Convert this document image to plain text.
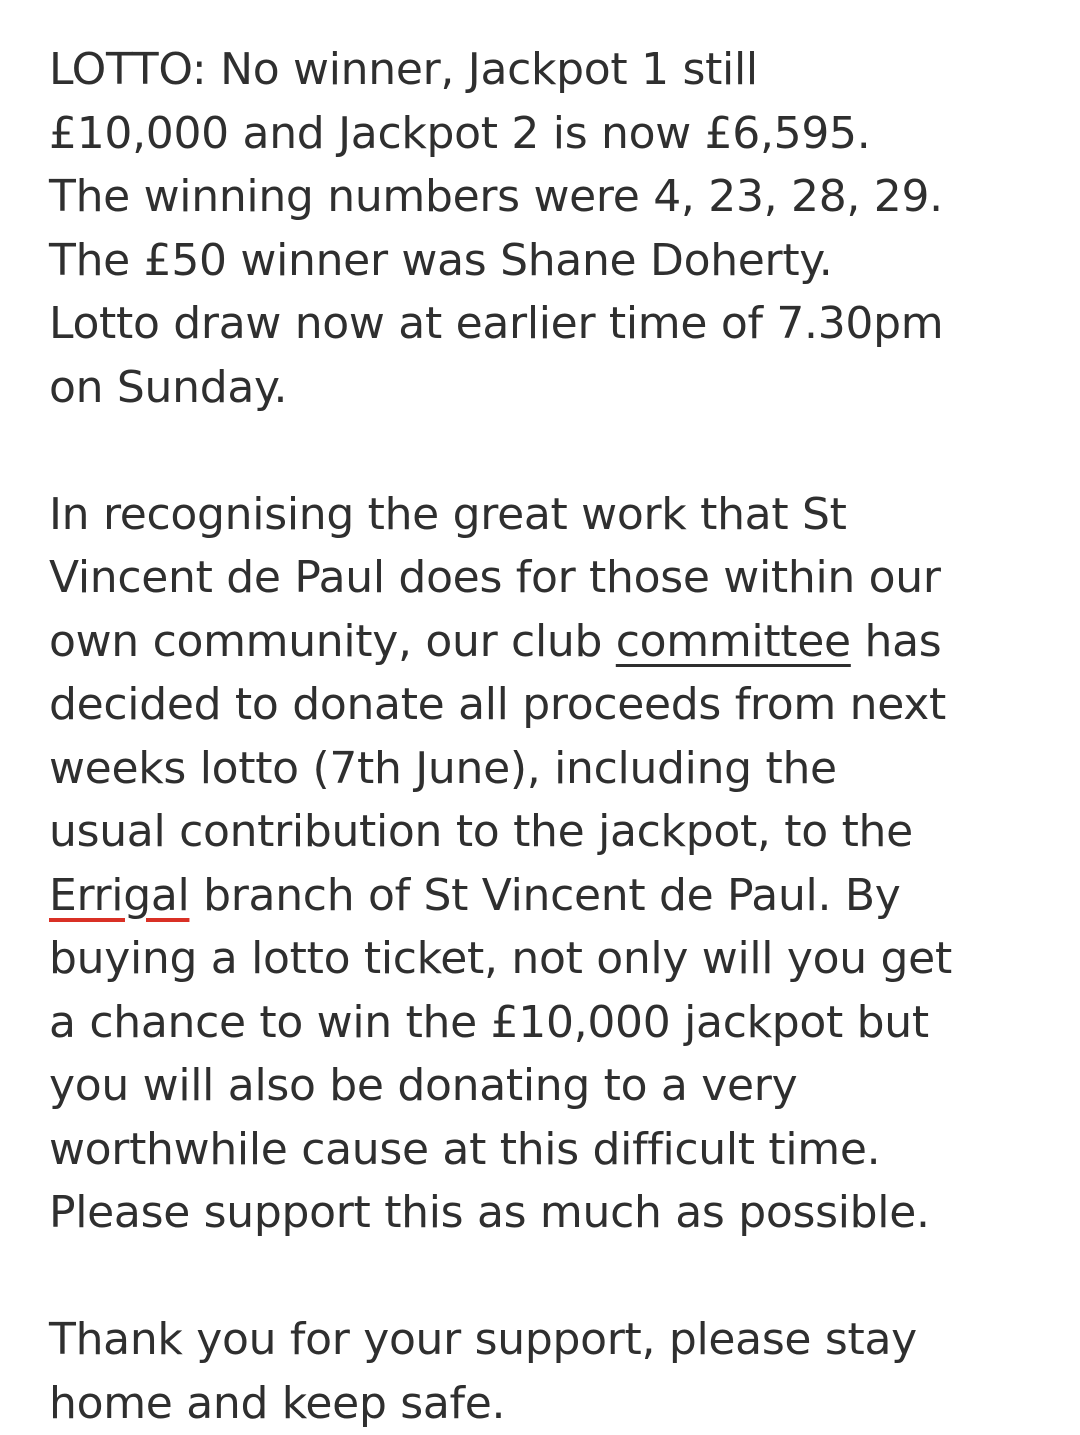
LOTTO: No winner, Jackpot 1 still
£10,000 and Jackpot 2 is now £6,595.
The winning numbers were 4, 23, 28, 29.
The £50 winner was Shane Doherty.
Lotto draw now at earlier time of 7.30pm
on Sunday.
In recognising the great work that St
Vincent de Paul does for those within our
own community, our club committee has
decided to donate all proceeds from next
weeks lotto (7th June), including the
usual contribution to the jackpot, to the
Errigal branch of St Vincent de Paul. By
buying a lotto ticket, not only will you get
a chance to win the £10,000 jackpot but
you will also be donating to a very
worthwhile cause at this difficult time.
Please support this as much as possible.
Thank you for your support, please stay
home and keep safe.
